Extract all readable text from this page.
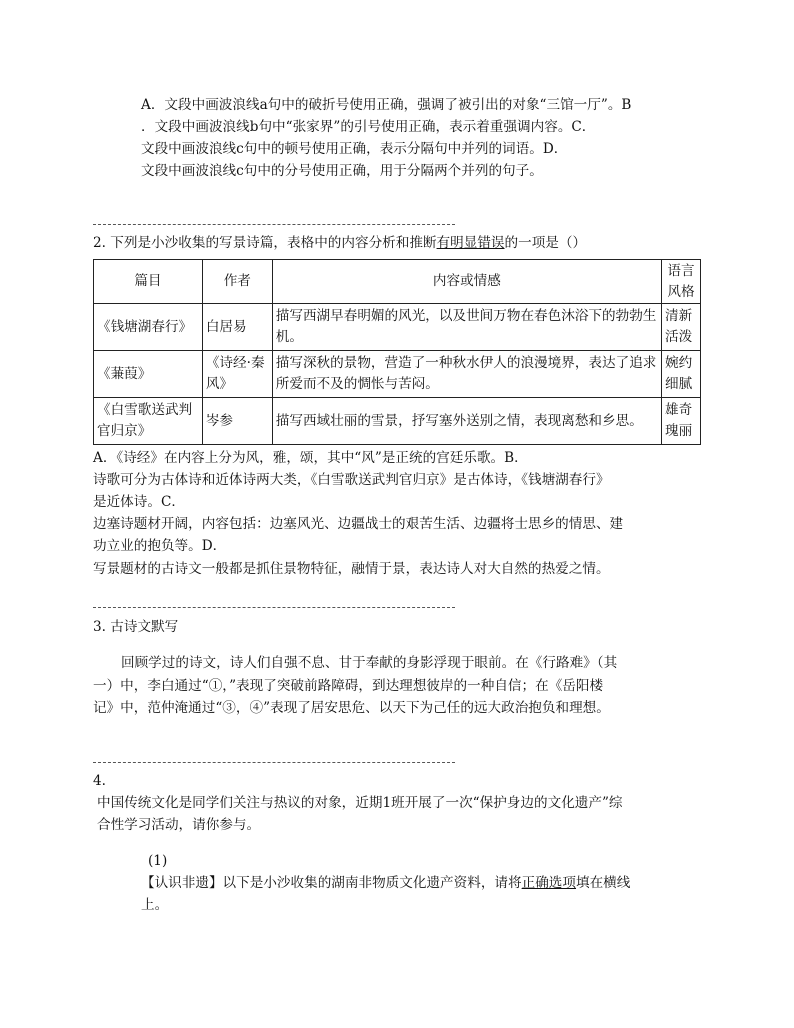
A．文段中画波浪线a句中的破折号使用正确，强调了被引出的对象“三馆一厅”。B
．文段中画波浪线b句中“张家界”的引号使用正确，表示着重强调内容。C．
文段中画波浪线c句中的顿号使用正确，表示分隔句中并列的词语。D．
文段中画波浪线c句中的分号使用正确，用于分隔两个并列的句子。
2. 下列是小沙收集的写景诗篇，表格中的内容分析和推断有明显错误的一项是（）
篇目	作者	内容或情感	语言风格
《钱塘湖春行》	白居易	描写西湖早春明媚的风光，以及世间万物在春色沐浴下的勃勃生机。	清新活泼
《蒹葭》	《诗经·秦风》	描写深秋的景物，营造了一种秋水伊人的浪漫境界，表达了追求所爱而不及的惆怅与苦闷。	婉约细腻
《白雪歌送武判官归京》	岑参	描写西域壮丽的雪景，抒写塞外送别之情，表现离愁和乡思。	雄奇瑰丽
A．《诗经》在内容上分为风，雅，颂，其中“风”是正统的宫廷乐歌。B．
诗歌可分为古体诗和近体诗两大类，《白雪歌送武判官归京》是古体诗，《钱塘湖春行》
是近体诗。C．
边塞诗题材开阔，内容包括：边塞风光、边疆战士的艰苦生活、边疆将士思乡的情思、建
功立业的抱负等。D．
写景题材的古诗文一般都是抓住景物特征，融情于景，表达诗人对大自然的热爱之情。
3. 古诗文默写
回顾学过的诗文，诗人们自强不息、甘于奉献的身影浮现于眼前。在《行路难》（其
一）中，李白通过“①，”表现了突破前路障碍，到达理想彼岸的一种自信；在《岳阳楼
记》中，范仲淹通过“③，④”表现了居安思危、以天下为己任的远大政治抱负和理想。
4.
中国传统文化是同学们关注与热议的对象，近期1班开展了一次“保护身边的文化遗产”综
合性学习活动，请你参与。
(1)
【认识非遗】以下是小沙收集的湖南非物质文化遗产资料，请将正确选项填在横线
上。
